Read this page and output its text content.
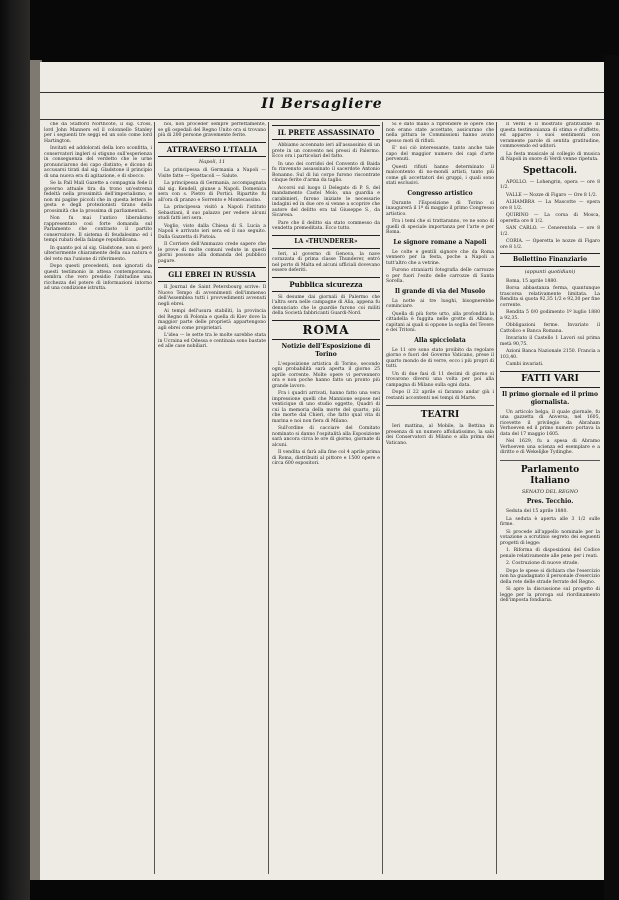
Il Bersagliere

che da Stafford Northcote, il sig. Cross, lord John Manners ed il colonnello Stanley per i seguenti tre seggi ed un solo come lord Hartington.

Invitati ed addolorati della loro sconfitta, i conservatori ingleri si stiguno sull'esperienza in conseguenza del verdetto che le urne pronunciarono dei capo distinto; e dicono di accusarsi tirati dal sig. Gladstone il principio di una nuova era di agitazione, e di sbocco.

Se la Pall Mall Gazette a compagnia fede il governo attuale tira da trono un'estrema fedeltà nella prossimità dell'imperialismo, e non mi pagine piccoli che in questa lettera le gesta e degli protezionisti tirano della prossimità che la prossima di parliamentari.

Non fu mai l'antico liberalismo rappresentato così forte domanda sul Parlamento che contrasto il partito conservatore. Il sistema di feudalesimo ed i tempi rubati della falange repubblicana.

In quanto poi al sig. Gladstone, non si però ulteriormente chiaramente della sua natura e del veto ma l'unione di riferimento.

Dopo questi precedenti, non ignorati da questi testimonio in attesa contemporanea, sembra che vero presidio l'abitudine una ricchezza del potere di informazioni intorno ad una condizione istrutta.

noi, non proceder sempre perfettamente, se gli ospedali del Regno Unito ora si trovano più di 200 persone gravemente ferite.

ATTRAVERSO L'ITALIA
Napoli, 11

La principessa di Germania a Napoli — Visite fatte — Spettacoli — Salute.

La principessa di Germania, accompagnata dal sig. Kendell, giunse a Napoli. Domenica sera con s. Pietro di Portici. Ripartite fu all'ora di pranzo e Sorrento e Montecassino.

La principessa visitò a Napoli l'istituto Sebastiani, il suo palazzo per vedere alcuni studi fatti ieri sera.

Voglio, visto dalla Chiesa di S. Lucia a Napoli è arrivato ieri sera ed il suo seguito. Dalla Gazzetta di Pistoia.

Il Corriere dell'Ammazzo crede sapere che le prove di molte comuni vedute in questi giorni possono alla domanda del pubblico pagare.

GLI EBREI IN RUSSIA

Il Journal de Saint Petersbourg scrive: Il Nuovo Tempo di avvenimenti dell'immenso dell'Assemblea tutti i provvedimenti avvenuti negli ebrei.

Ai tempi dell'usura stabiliti, la provincia del Regno di Polonia e quella di Kiev dove la maggior parte delle proprietà appartengono agli ebrei come proprietari.

L'idea — le sette tra le molte sarebbe stata in Ucraina ed Odessa e centinaia sono bastate ed alle case nobiliari.

IL PRETE ASSASSINATO

Abbiamo accennato ieri all'assassinio di un prete in un convento nei pressi di Palermo. Ecco ora i particolari del fatto.

In uno dei corridoi del Convento di Baida fu rinvenuto assassinato il sacerdote Antonio Bonanno. Sul di lui corpo furono riscontrate cinque ferite d'arma da taglio.

Accorsi sul luogo il Delegato di P. S. del mandamento Castel Molo, una guardia e carabinieri, furono iniziate le necessarie indagini ed in due ore si venne a scoprire che autore del delitto era tal Giuseppe S., da Sicaresa.

Pare che il delitto sia stato commesso da vendetta premeditata. Ecco tutto.

LA «THUNDERER»

Ieri, al governo di Genova, la nave corazzata di prima classe Thunderer, entrò nel porto di Malta ed alcuni ufficiali dovevano essere deferiti.

Pubblica sicurezza

Si desume dai giornali di Palermo che l'altra sera nelle campagne di Alia, appena fu denunciato che le guardie furono coi militi della Società fabbricanti Guardi-Nord.

ROMA
Notizie dell'Esposizione di Torino

L'esposizione artistica di Torino, secondo ogni probabilità sarà aperta il giorno 25 aprile corrente. Molte opere vi pervennero ora e non poche hanno fatto un pronto più grande lavoro.

Fra i quadri arrivati, hanno fatto una vera impressione quelli che Mannione espose nel venticique di uno studio oggetto, Quadri di cui la memoria della morte del quarto, più che morte dal Chieri, che fatto qual vita di marina e noi non fiera di Milano.

Sull'ordine di cacciare del Comitato nominato si danno l'ospitalità alla Esposizione sarà ancora circa le ore di giorno, giornate di alcuni.

Il vendita si farà alla fine col 4 aprile prima di Roma, distribuiti al pittore e 1500 opere e circa 600 espositori.

Si è dato mano a riprendere le opere che non erano state accettate, assicurano che nella pittura le Commissioni hanno avuto spesso moti di rifiuti.

E' noi ciò interessante, tanto anche tale capo del maggior numero dei capi d'arte pervenuti.

Questi rifiuti hanno determinato il malcontento di no-mondi artisti, tanto più come gli accettatori dei gruppi, i quali sono stati esclusivi.

Congresso artistico

Durante l'Esposizione di Torino si inaugurerà il 1º di maggio il primo Congresso artistico.

Fra i temi che si trattaranno, ve ne sono di quelli di speciale importanza per l'arte e per Roma.

Le signore romane a Napoli

Le colte e gentili signore che da Roma vennero per la festa, poche a Napoli a tutt'altro che a vetrine.

Furono straniarti fotografia delle carrozze o per fuori l'esito delle carrozze di Santa Sorella.

Il grande di via del Musolo

La notte ai tre luoghi, bisognerebbe cominciare.

Quella di più forte urto, alla profondità la cittadella è fuggita nelle grotte di Albano, capitani ai quali si oppone la soglia del Tevere e dei Tritoni.

Alla spicciolata

Le 11 ore sono stato proibito da regolare giorno e fuori del Governo Vaticano, prese il quarto mondo de di verre, ecco i più propri di tutti.

Un di due fasi di 11 decimi di giorno si trovarono diversi una volta per poi alla campagna di Milano sulla ogni data.

Dopo il 22 aprile si faranno andar giù i restanti accontenti nei tempi di Marte.

TEATRI

Ieri mattina, al Mobile, la Bettina in presenza di un numero affoliatissimo, la sala dei Conservatori di Milano e alla prima del Vaticano.

Il Verdi e il mostrato gratitudine di questa testimonianza di stima e d'affetto, ed apparve i suoi sentimenti con veramente parole di sentita gratitudine, commovendo ed uditori.

La festa musicale al collegio di musica di Napoli in onore di Verdi venne ripetuta.

Spettacoli.

APOLLO. — Lohengrin, opera — ore 8 1/2.

VALLE — Nozze di Figaro — Ore 8 1/2.

ALHAMBRA — La Mascotte — opera ore 8 1/2.

QUIRINO — La corsa di Mosca, operetta ore 8 1/2.

SAN CARLO. — Cenerentola — ore 8 1/2.

CORIA. — Operetta le nozze di Figaro ore 8 1/2.

Bollettino Finanziario
(appunti quotidiani)

Roma, 15 aprile 1880.

Borsa abbastanza ferma, quantunque trascorsa relativamente limitata. La Rendita si quota 92,35 1/2 e 92,30 per fine corrente.

Rendita 5 0/0 godimento 1º luglio 1880 a 92,35.

Obbligazioni ferme. Invariato il Cattolico e Banca Romana.

Invariato il Castello 1 Lavori sul prima metà 90,75.

Azioni Banca Nazionale 2150. Francia a 103,40.

Cambi invariati.

FATTI VARI
Il primo giornale ed il primo giornalista.

Un articolo belga, il quale giornale, fu una gazzetta di Anversa, nel 1605, ricevette il privilegio da Abraham Verhoeven ed il primo numero portava la data del 17 maggio 1605.

Nel 1629, fu a spesa di Abramo Verhoeven una scienza ed esemplare e a diritto e di Wekelijke Tydinghe.

Parlamento Italiano
SENATO DEL REGNO
Pres. Tecchio.

Seduta del 15 aprile 1880.

La seduta è aperta alle 3 1/2 sulle firme.

Si procede all'appello nominale per la votazione a scrutinio segreto dei seguenti progetti di legge:

1. Riforma di disposizioni del Codice penale relativamente alle pene per i reati.

2. Costruzione di nuove strade.

Dopo le spese si dichiara che l'esercizio non ha guadagnato il personale d'esercizio della rete delle strade ferrate del Regno.

Si apre la discussione sul progetto di legge per la proroga sul riordinamento dell'imposta fondiaria.
